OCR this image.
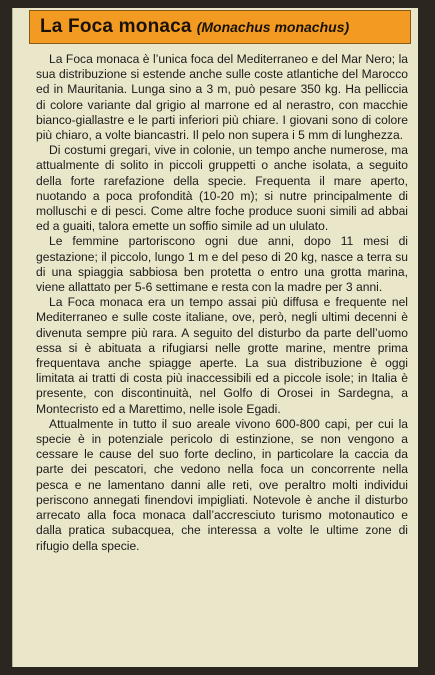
La Foca monaca (Monachus monachus)

La Foca monaca è l’unica foca del Mediterraneo e del Mar Nero; la sua distribuzione si estende anche sulle coste atlantiche del Marocco ed in Mauritania. Lunga sino a 3 m, può pesare 350 kg. Ha pelliccia di colore variante dal grigio al marrone ed al nerastro, con macchie bianco-giallastre e le parti inferiori più chiare. I giovani sono di colore più chiaro, a volte biancastri. Il pelo non supera i 5 mm di lunghezza.

Di costumi gregari, vive in colonie, un tempo anche numerose, ma attualmente di solito in piccoli gruppetti o anche isolata, a seguito della forte rarefazione della specie. Frequenta il mare aperto, nuotando a poca profondità (10-20 m); si nutre principalmente di molluschi e di pesci. Come altre foche produce suoni simili ad abbai ed a guaiti, talora emette un soffio simile ad un ululato.

Le femmine partoriscono ogni due anni, dopo 11 mesi di gestazione; il piccolo, lungo 1 m e del peso di 20 kg, nasce a terra su di una spiaggia sabbiosa ben protetta o entro una grotta marina, viene allattato per 5-6 settimane e resta con la madre per 3 anni.

La Foca monaca era un tempo assai più diffusa e frequente nel Mediterraneo e sulle coste italiane, ove, però, negli ultimi decenni è divenuta sempre più rara. A seguito del disturbo da parte dell’uomo essa si è abituata a rifugiarsi nelle grotte marine, mentre prima frequentava anche spiagge aperte. La sua distribuzione è oggi limitata ai tratti di costa più inaccessibili ed a piccole isole; in Italia è presente, con discontinuità, nel Golfo di Orosei in Sardegna, a Montecristo ed a Marettimo, nelle isole Egadi.

Attualmente in tutto il suo areale vivono 600-800 capi, per cui la specie è in potenziale pericolo di estinzione, se non vengono a cessare le cause del suo forte declino, in particolare la caccia da parte dei pescatori, che vedono nella foca un concorrente nella pesca e ne lamentano danni alle reti, ove peraltro molti individui periscono annegati finendovi impigliati. Notevole è anche il disturbo arrecato alla foca monaca dall’accresciuto turismo motonautico e dalla pratica subacquea, che interessa a volte le ultime zone di rifugio della specie.
